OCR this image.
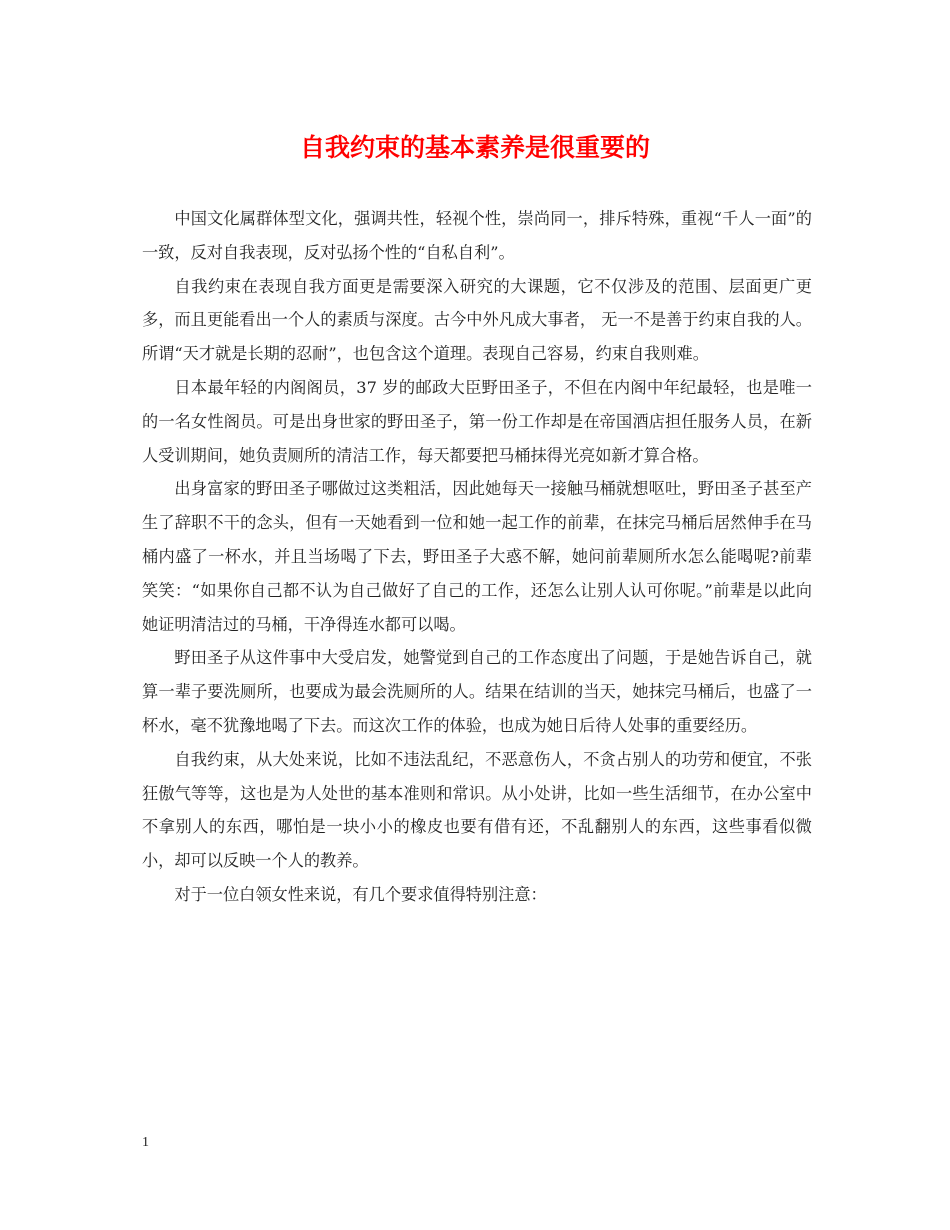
自我约束的基本素养是很重要的

中国文化属群体型文化，强调共性，轻视个性，崇尚同一，排斥特殊，重视“千人一面”的一致，反对自我表现，反对弘扬个性的“自私自利”。

自我约束在表现自我方面更是需要深入研究的大课题，它不仅涉及的范围、层面更广更多，而且更能看出一个人的素质与深度。古今中外凡成大事者， 无一不是善于约束自我的人。所谓“天才就是长期的忍耐”，也包含这个道理。表现自己容易，约束自我则难。

日本最年轻的内阁阁员，37 岁的邮政大臣野田圣子，不但在内阁中年纪最轻，也是唯一的一名女性阁员。可是出身世家的野田圣子，第一份工作却是在帝国酒店担任服务人员，在新人受训期间，她负责厕所的清洁工作，每天都要把马桶抹得光亮如新才算合格。

出身富家的野田圣子哪做过这类粗活，因此她每天一接触马桶就想呕吐，野田圣子甚至产生了辞职不干的念头，但有一天她看到一位和她一起工作的前辈，在抹完马桶后居然伸手在马桶内盛了一杯水，并且当场喝了下去，野田圣子大惑不解，她问前辈厕所水怎么能喝呢?前辈笑笑：“如果你自己都不认为自己做好了自己的工作，还怎么让别人认可你呢。”前辈是以此向她证明清洁过的马桶，干净得连水都可以喝。

野田圣子从这件事中大受启发，她警觉到自己的工作态度出了问题，于是她告诉自己，就算一辈子要洗厕所，也要成为最会洗厕所的人。结果在结训的当天，她抹完马桶后，也盛了一杯水，毫不犹豫地喝了下去。而这次工作的体验，也成为她日后待人处事的重要经历。

自我约束，从大处来说，比如不违法乱纪，不恶意伤人，不贪占别人的功劳和便宜，不张狂傲气等等，这也是为人处世的基本准则和常识。从小处讲，比如一些生活细节，在办公室中不拿别人的东西，哪怕是一块小小的橡皮也要有借有还，不乱翻别人的东西，这些事看似微小，却可以反映一个人的教养。

对于一位白领女性来说，有几个要求值得特别注意：

1
